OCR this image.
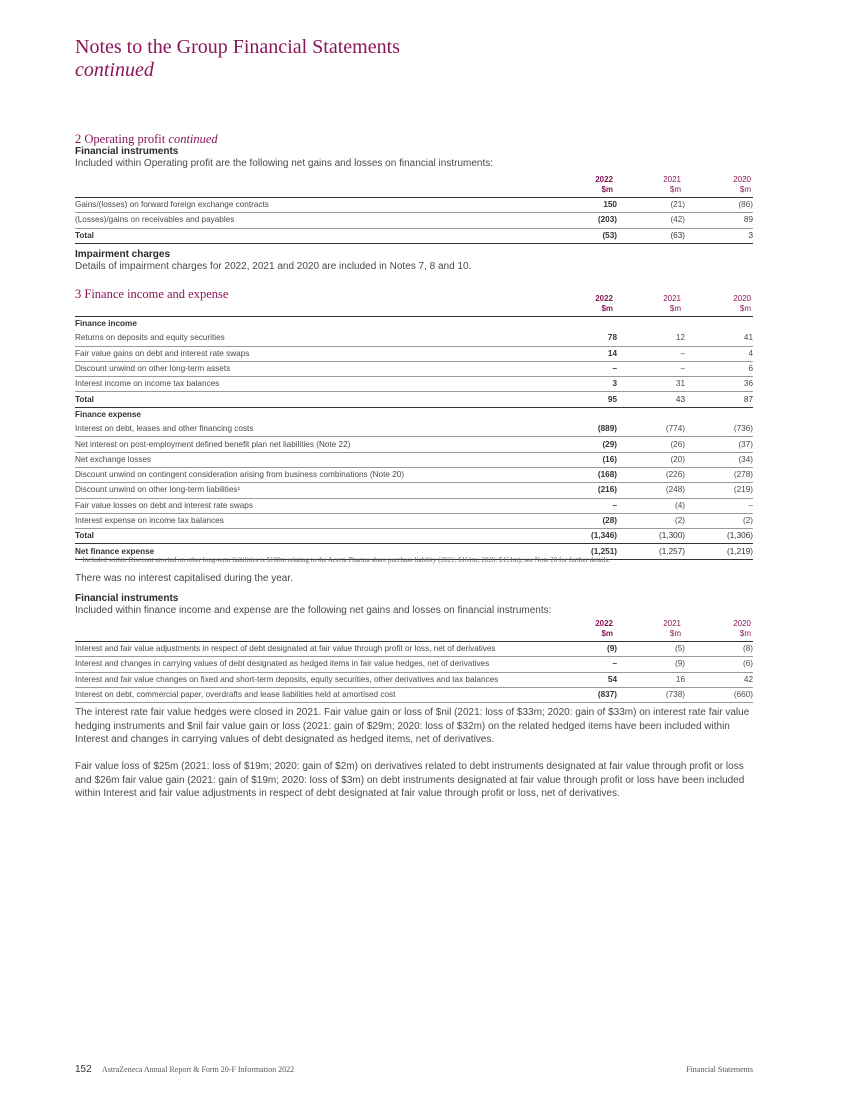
Notes to the Group Financial Statements
continued
2 Operating profit continued
Financial instruments
Included within Operating profit are the following net gains and losses on financial instruments:
2022
$m
2021
$m
2020
$m
Gains/(losses) on forward foreign exchange contracts	150	(21)	(86)
(Losses)/gains on receivables and payables	(203)	(42)	89
Total	(53)	(63)	3
Impairment charges
Details of impairment charges for 2022, 2021 and 2020 are included in Notes 7, 8 and 10.
3 Finance income and expense	2022
$m
2021
$m
2020
$m
Finance income			
Returns on deposits and equity securities	78	12	41
Fair value gains on debt and interest rate swaps	14	–	4
Discount unwind on other long-term assets	–	–	6
Interest income on income tax balances	3	31	36
Total	95	43	87
Finance expense			
Interest on debt, leases and other financing costs	(889)	(774)	(736)
Net interest on post-employment defined benefit plan net liabilities (Note 22)	(29)	(26)	(37)
Net exchange losses	(16)	(20)	(34)
Discount unwind on contingent consideration arising from business combinations (Note 20)	(168)	(226)	(278)
Discount unwind on other long-term liabilities¹	(216)	(248)	(219)
Fair value losses on debt and interest rate swaps	–	(4)	–
Interest expense on income tax balances	(28)	(2)	(2)
Total	(1,346)	(1,300)	(1,306)
Net finance expense	(1,251)	(1,257)	(1,219)
¹ Included within Discount unwind on other long-term liabilities is $108m relating to the Acerta Pharma share purchase liability (2021: $161m; 2020: $151m), see Note 20 for further details.
There was no interest capitalised during the year.
Financial instruments
Included within finance income and expense are the following net gains and losses on financial instruments:
2022
$m
2021
$m
2020
$m
Interest and fair value adjustments in respect of debt designated at fair value through profit or loss, net of derivatives	(9)	(5)	(8)
Interest and changes in carrying values of debt designated as hedged items in fair value hedges, net of derivatives	–	(9)	(6)
Interest and fair value changes on fixed and short-term deposits, equity securities, other derivatives and tax balances	54	16	42
Interest on debt, commercial paper, overdrafts and lease liabilities held at amortised cost	(837)	(738)	(660)
The interest rate fair value hedges were closed in 2021. Fair value gain or loss of $nil (2021: loss of $33m; 2020: gain of $33m) on interest rate fair value hedging instruments and $nil fair value gain or loss (2021: gain of $29m; 2020: loss of $32m) on the related hedged items have been included within Interest and changes in carrying values of debt designated as hedged items, net of derivatives.
Fair value loss of $25m (2021: loss of $19m; 2020: gain of $2m) on derivatives related to debt instruments designated at fair value through profit or loss and $26m fair value gain (2021: gain of $19m; 2020: loss of $3m) on debt instruments designated at fair value through profit or loss have been included within Interest and fair value adjustments in respect of debt designated at fair value through profit or loss, net of derivatives.
152 AstraZeneca Annual Report & Form 20-F Information 2022	Financial Statements
